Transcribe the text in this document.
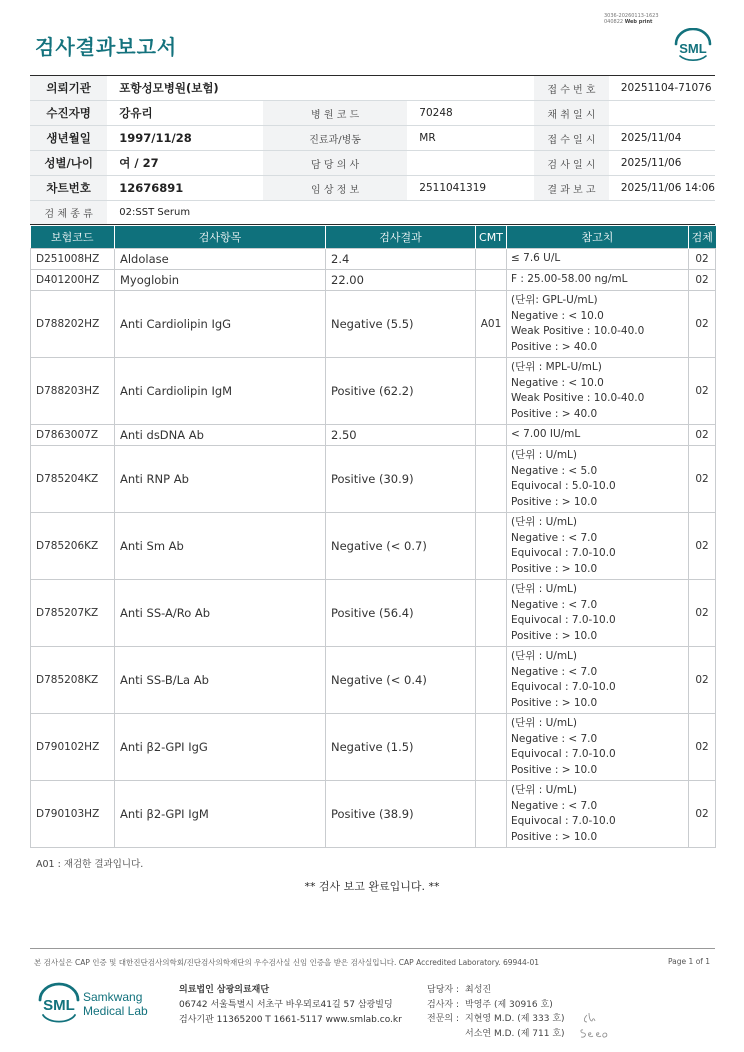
3036-20260113-1623
040822 Web print
검사결과보고서	SML
의뢰기관	포항성모병원(보험)			접 수 번 호	20251104-71076
수진자명	강유리	병 원 코 드	70248	채 취 일 시	
생년월일	1997/11/28	진료과/병동	MR	접 수 일 시	2025/11/04
성별/나이	여 / 27	담 당 의 사		검 사 일 시	2025/11/06
차트번호	12676891	임 상 정 보	2511041319	결 과 보 고	2025/11/06 14:06
검 체 종 류	02:SST Serum				
보험코드	검사항목	검사결과	CMT	참고치	검체
D251008HZ	Aldolase	2.4		≤ 7.6 U/L	02
D401200HZ	Myoglobin	22.00		F : 25.00-58.00 ng/mL	02
D788202HZ	Anti Cardiolipin IgG	Negative (5.5)	A01	(단위: GPL-U/mL)
Negative : < 10.0
Weak Positive : 10.0-40.0
Positive : > 40.0	02
D788203HZ	Anti Cardiolipin IgM	Positive (62.2)		(단위 : MPL-U/mL)
Negative : < 10.0
Weak Positive : 10.0-40.0
Positive : > 40.0	02
D7863007Z	Anti dsDNA Ab	2.50		< 7.00 IU/mL	02
D785204KZ	Anti RNP Ab	Positive (30.9)		(단위 : U/mL)
Negative : < 5.0
Equivocal : 5.0-10.0
Positive : > 10.0	02
D785206KZ	Anti Sm Ab	Negative (< 0.7)		(단위 : U/mL)
Negative : < 7.0
Equivocal : 7.0-10.0
Positive : > 10.0	02
D785207KZ	Anti SS-A/Ro Ab	Positive (56.4)		(단위 : U/mL)
Negative : < 7.0
Equivocal : 7.0-10.0
Positive : > 10.0	02
D785208KZ	Anti SS-B/La Ab	Negative (< 0.4)		(단위 : U/mL)
Negative : < 7.0
Equivocal : 7.0-10.0
Positive : > 10.0	02
D790102HZ	Anti β2-GPI IgG	Negative (1.5)		(단위 : U/mL)
Negative : < 7.0
Equivocal : 7.0-10.0
Positive : > 10.0	02
D790103HZ	Anti β2-GPI IgM	Positive (38.9)		(단위 : U/mL)
Negative : < 7.0
Equivocal : 7.0-10.0
Positive : > 10.0	02
A01 : 재검한 결과입니다.
** 검사 보고 완료입니다. **
본 검사실은 CAP 인증 및 대한진단검사의학회/진단검사의학재단의 우수검사실 신임 인증을 받은 검사실입니다. CAP Accredited Laboratory. 69944-01	Page 1 of 1
SML Samkwang
Medical Lab
의료법인 삼광의료재단
06742 서울특별시 서초구 바우뫼로41길 57 삼광빌딩
검사기관 11365200 T 1661-5117 www.smlab.co.kr
담당자 : 최성진
검사자 : 박영주 (제 30916 호)
전문의 : 지현영 M.D. (제 333 호)
서소연 M.D. (제 711 호)
